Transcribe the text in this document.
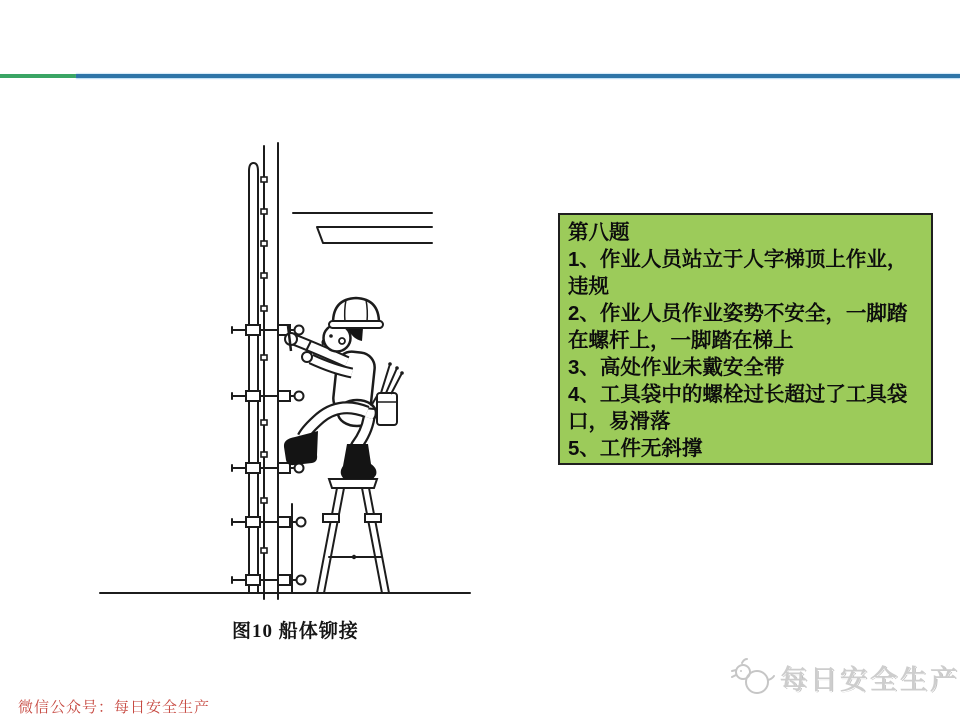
图10 船体铆接
第八题
1、作业人员站立于人字梯顶上作业，
违规
2、作业人员作业姿势不安全，一脚踏
在螺杆上，一脚踏在梯上
3、高处作业未戴安全带
4、工具袋中的螺栓过长超过了工具袋
口，易滑落
5、工件无斜撑
微信公众号：每日安全生产
每日安全生产
